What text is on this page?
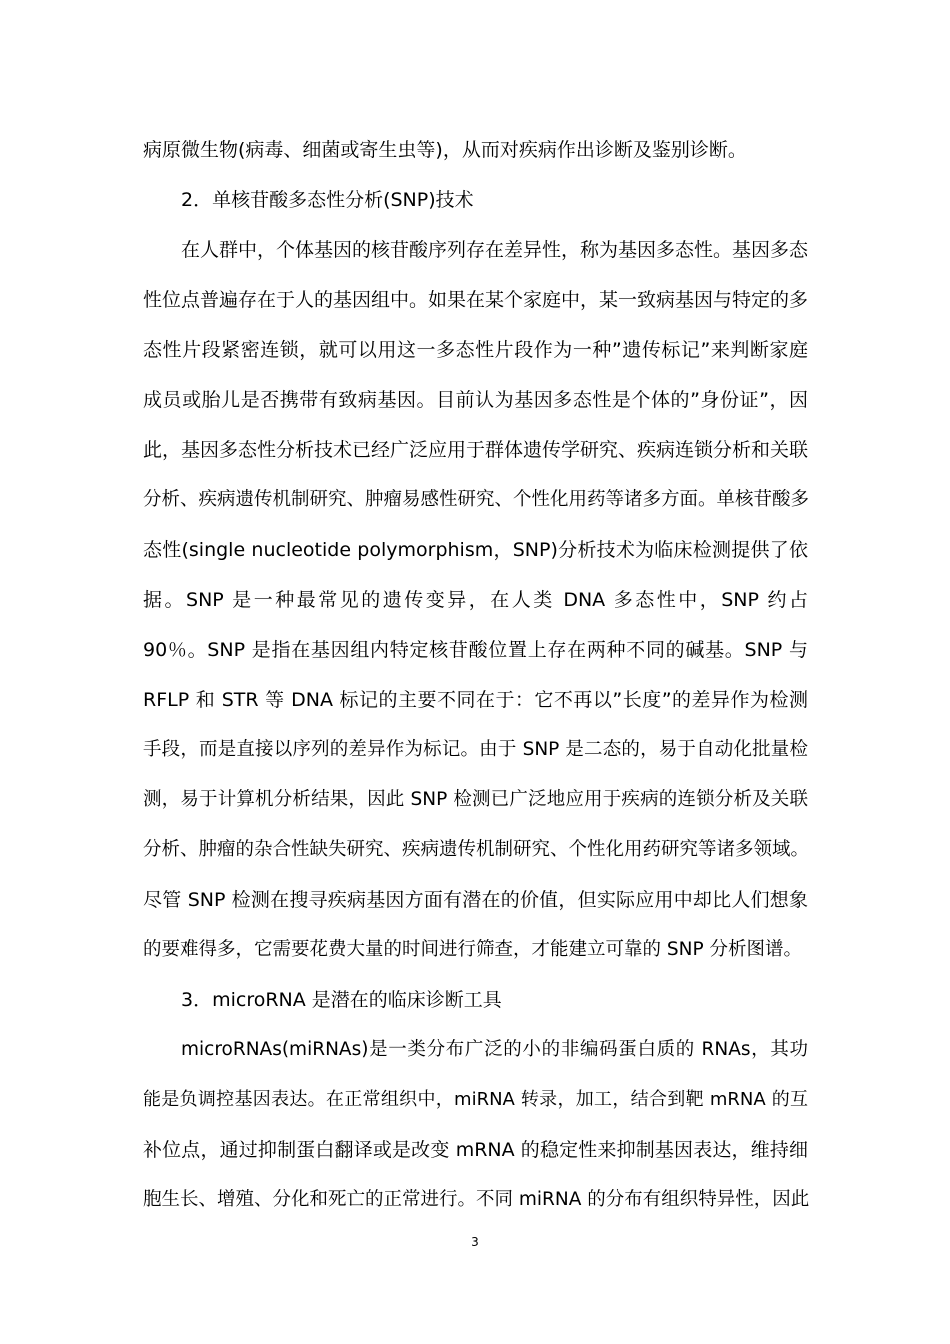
病原微生物(病毒、细菌或寄生虫等)，从而对疾病作出诊断及鉴别诊断。
2．单核苷酸多态性分析(SNP)技术
在人群中，个体基因的核苷酸序列存在差异性，称为基因多态性。基因多态
性位点普遍存在于人的基因组中。如果在某个家庭中，某一致病基因与特定的多
态性片段紧密连锁，就可以用这一多态性片段作为一种”遗传标记”来判断家庭
成员或胎儿是否携带有致病基因。目前认为基因多态性是个体的”身份证”，因
此，基因多态性分析技术已经广泛应用于群体遗传学研究、疾病连锁分析和关联
分析、疾病遗传机制研究、肿瘤易感性研究、个性化用药等诸多方面。单核苷酸多
态性(single nucleotide polymorphism，SNP)分析技术为临床检测提供了依
据。SNP 是一种最常见的遗传变异，在人类 DNA 多态性中，SNP 约占
90％。SNP 是指在基因组内特定核苷酸位置上存在两种不同的碱基。SNP 与
RFLP 和 STR 等 DNA 标记的主要不同在于：它不再以”长度”的差异作为检测
手段，而是直接以序列的差异作为标记。由于 SNP 是二态的，易于自动化批量检
测，易于计算机分析结果，因此 SNP 检测已广泛地应用于疾病的连锁分析及关联
分析、肿瘤的杂合性缺失研究、疾病遗传机制研究、个性化用药研究等诸多领域。
尽管 SNP 检测在搜寻疾病基因方面有潜在的价值，但实际应用中却比人们想象
的要难得多，它需要花费大量的时间进行筛查，才能建立可靠的 SNP 分析图谱。
3．microRNA 是潜在的临床诊断工具
microRNAs(miRNAs)是一类分布广泛的小的非编码蛋白质的 RNAs，其功
能是负调控基因表达。在正常组织中，miRNA 转录，加工，结合到靶 mRNA 的互
补位点，通过抑制蛋白翻译或是改变 mRNA 的稳定性来抑制基因表达，维持细
胞生长、增殖、分化和死亡的正常进行。不同 miRNA 的分布有组织特异性，因此
3
